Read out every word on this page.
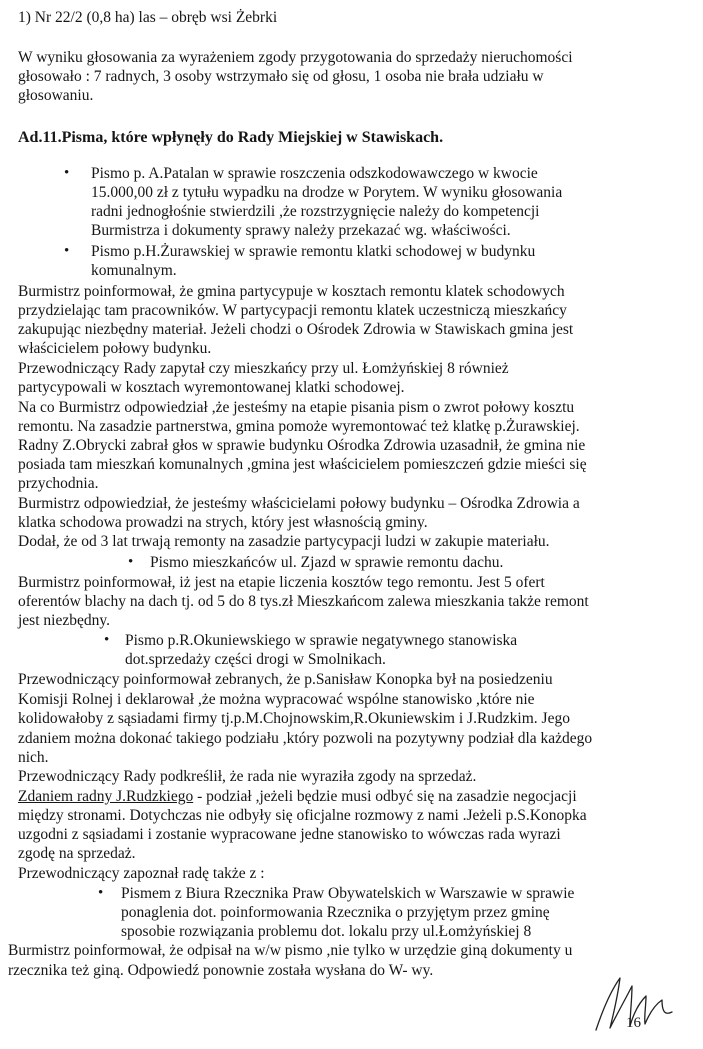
1) Nr 22/2 (0,8 ha) las – obręb wsi Żebrki
W wyniku głosowania za wyrażeniem zgody przygotowania do sprzedaży nieruchomości
głosowało : 7 radnych, 3 osoby wstrzymało się od głosu, 1 osoba nie brała udziału w
głosowaniu.
Ad.11.Pisma, które wpłynęły do Rady Miejskiej w Stawiskach.
• Pismo p. A.Patalan w sprawie roszczenia odszkodowawczego w kwocie
15.000,00 zł z tytułu wypadku na drodze w Porytem. W wyniku głosowania
radni jednogłośnie stwierdzili ,że rozstrzygnięcie należy do kompetencji
Burmistrza i dokumenty sprawy należy przekazać wg. właściwości.
• Pismo p.H.Żurawskiej w sprawie remontu klatki schodowej w budynku
komunalnym.
Burmistrz poinformował, że gmina partycypuje w kosztach remontu klatek schodowych
przydzielając tam pracowników. W partycypacji remontu klatek uczestniczą mieszkańcy
zakupując niezbędny materiał. Jeżeli chodzi o Ośrodek Zdrowia w Stawiskach gmina jest
właścicielem połowy budynku.
Przewodniczący Rady zapytał czy mieszkańcy przy ul. Łomżyńskiej 8 również
partycypowali w kosztach wyremontowanej klatki schodowej.
Na co Burmistrz odpowiedział ,że jesteśmy na etapie pisania pism o zwrot połowy kosztu
remontu. Na zasadzie partnerstwa, gmina pomoże wyremontować też klatkę p.Żurawskiej.
Radny Z.Obrycki zabrał głos w sprawie budynku Ośrodka Zdrowia uzasadnił, że gmina nie
posiada tam mieszkań komunalnych ,gmina jest właścicielem pomieszczeń gdzie mieści się
przychodnia.
Burmistrz odpowiedział, że jesteśmy właścicielami połowy budynku – Ośrodka Zdrowia a
klatka schodowa prowadzi na strych, który jest własnością gminy.
Dodał, że od 3 lat trwają remonty na zasadzie partycypacji ludzi w zakupie materiału.
• Pismo mieszkańców ul. Zjazd w sprawie remontu dachu.
Burmistrz poinformował, iż jest na etapie liczenia kosztów tego remontu. Jest 5 ofert
oferentów blachy na dach tj. od 5 do 8 tys.zł Mieszkańcom zalewa mieszkania także remont
jest niezbędny.
• Pismo p.R.Okuniewskiego w sprawie negatywnego stanowiska
dot.sprzedaży części drogi w Smolnikach.
Przewodniczący poinformował zebranych, że p.Sanisław Konopka był na posiedzeniu
Komisji Rolnej i deklarował ,że można wypracować wspólne stanowisko ,które nie
kolidowałoby z sąsiadami firmy tj.p.M.Chojnowskim,R.Okuniewskim i J.Rudzkim. Jego
zdaniem można dokonać takiego podziału ,który pozwoli na pozytywny podział dla każdego
nich.
Przewodniczący Rady podkreślił, że rada nie wyraziła zgody na sprzedaż.
Zdaniem radny J.Rudzkiego - podział ,jeżeli będzie musi odbyć się na zasadzie negocjacji
między stronami. Dotychczas nie odbyły się oficjalne rozmowy z nami .Jeżeli p.S.Konopka
uzgodni z sąsiadami i zostanie wypracowane jedne stanowisko to wówczas rada wyrazi
zgodę na sprzedaż.
Przewodniczący zapoznał radę także z :
• Pismem z Biura Rzecznika Praw Obywatelskich w Warszawie w sprawie
ponaglenia dot. poinformowania Rzecznika o przyjętym przez gminę
sposobie rozwiązania problemu dot. lokalu przy ul.Łomżyńskiej 8
Burmistrz poinformował, że odpisał na w/w pismo ,nie tylko w urzędzie giną dokumenty u
rzecznika też giną. Odpowiedź ponownie została wysłana do W- wy.
16
